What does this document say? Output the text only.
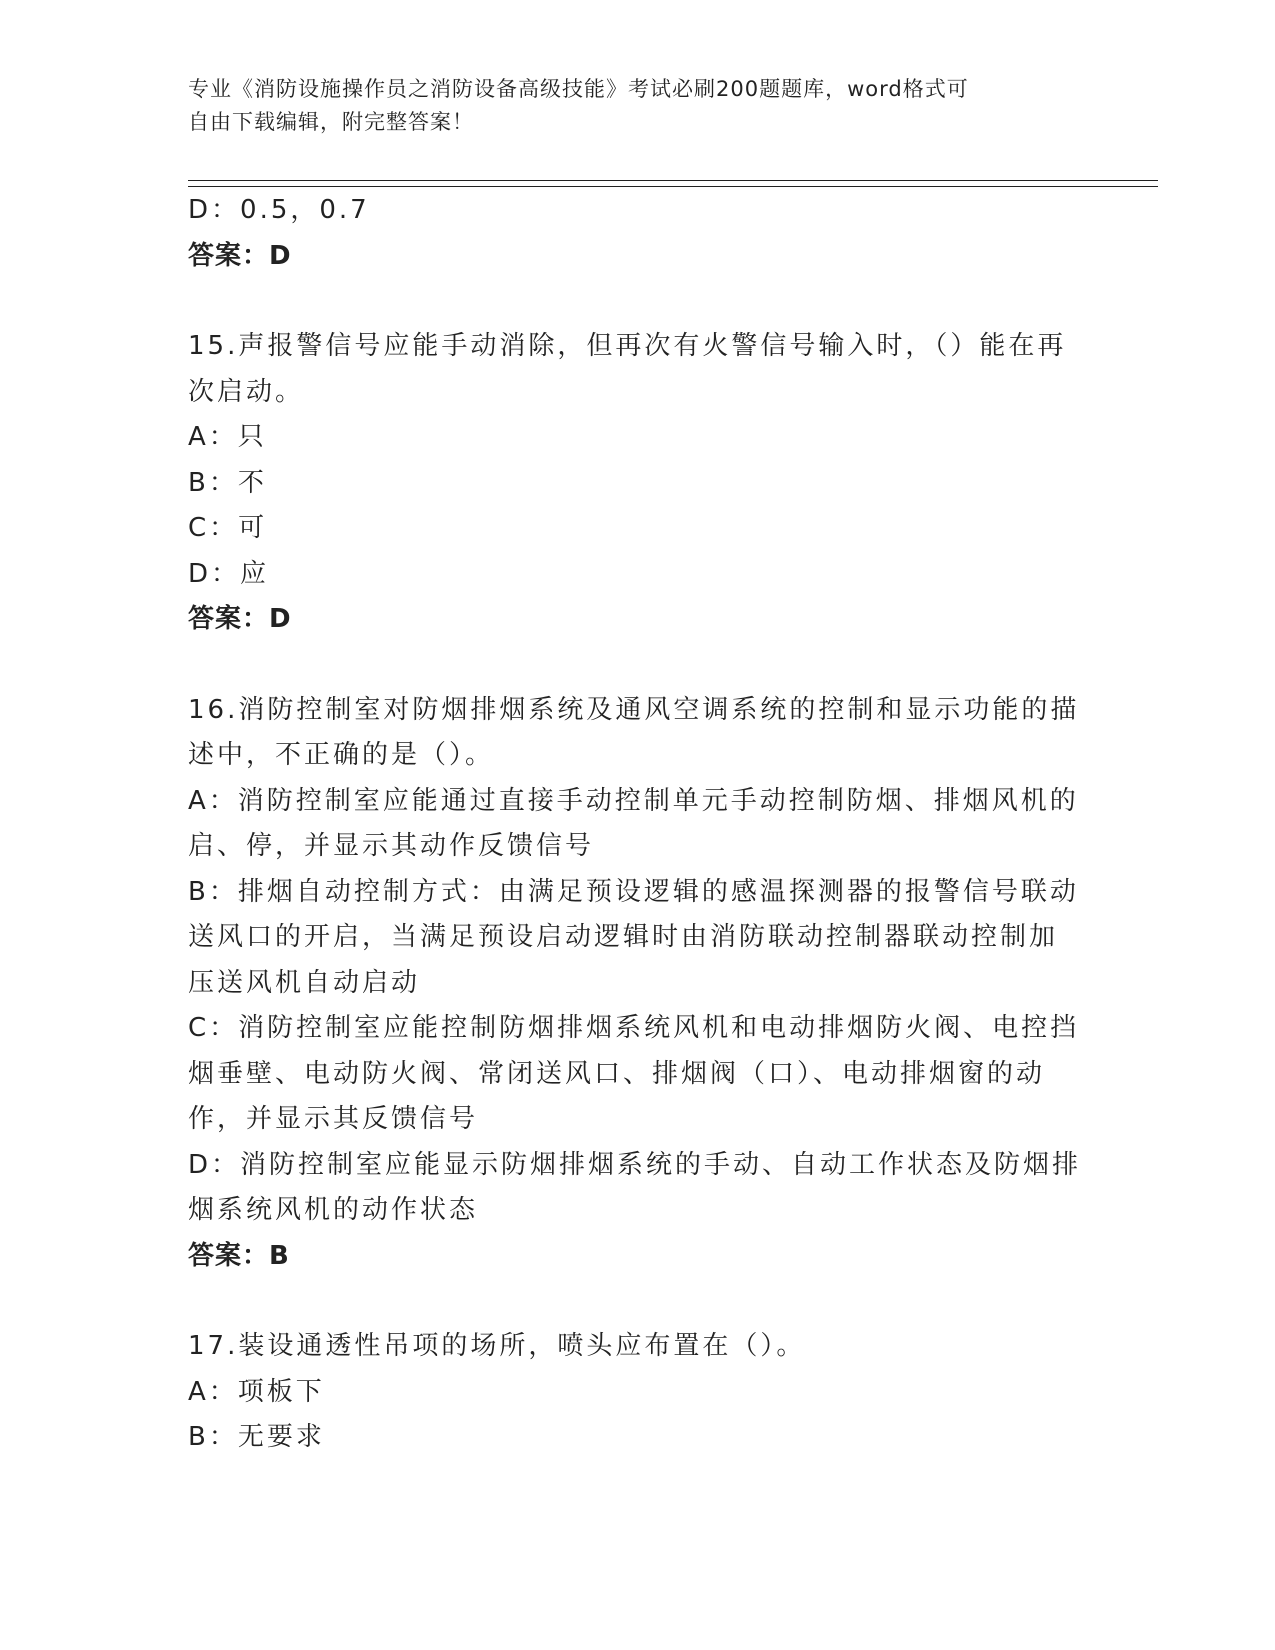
专业《消防设施操作员之消防设备高级技能》考试必刷200题题库，word格式可
自由下载编辑，附完整答案！
D：0.5，0.7
答案：D
15.声报警信号应能手动消除，但再次有火警信号输入时，（）能在再
次启动。
A：只
B：不
C：可
D：应
答案：D
16.消防控制室对防烟排烟系统及通风空调系统的控制和显示功能的描
述中，不正确的是（）。
A：消防控制室应能通过直接手动控制单元手动控制防烟、排烟风机的
启、停，并显示其动作反馈信号
B：排烟自动控制方式：由满足预设逻辑的感温探测器的报警信号联动
送风口的开启，当满足预设启动逻辑时由消防联动控制器联动控制加
压送风机自动启动
C：消防控制室应能控制防烟排烟系统风机和电动排烟防火阀、电控挡
烟垂壁、电动防火阀、常闭送风口、排烟阀（口）、电动排烟窗的动
作，并显示其反馈信号
D：消防控制室应能显示防烟排烟系统的手动、自动工作状态及防烟排
烟系统风机的动作状态
答案：B
17.装设通透性吊项的场所，喷头应布置在（）。
A：项板下
B：无要求
